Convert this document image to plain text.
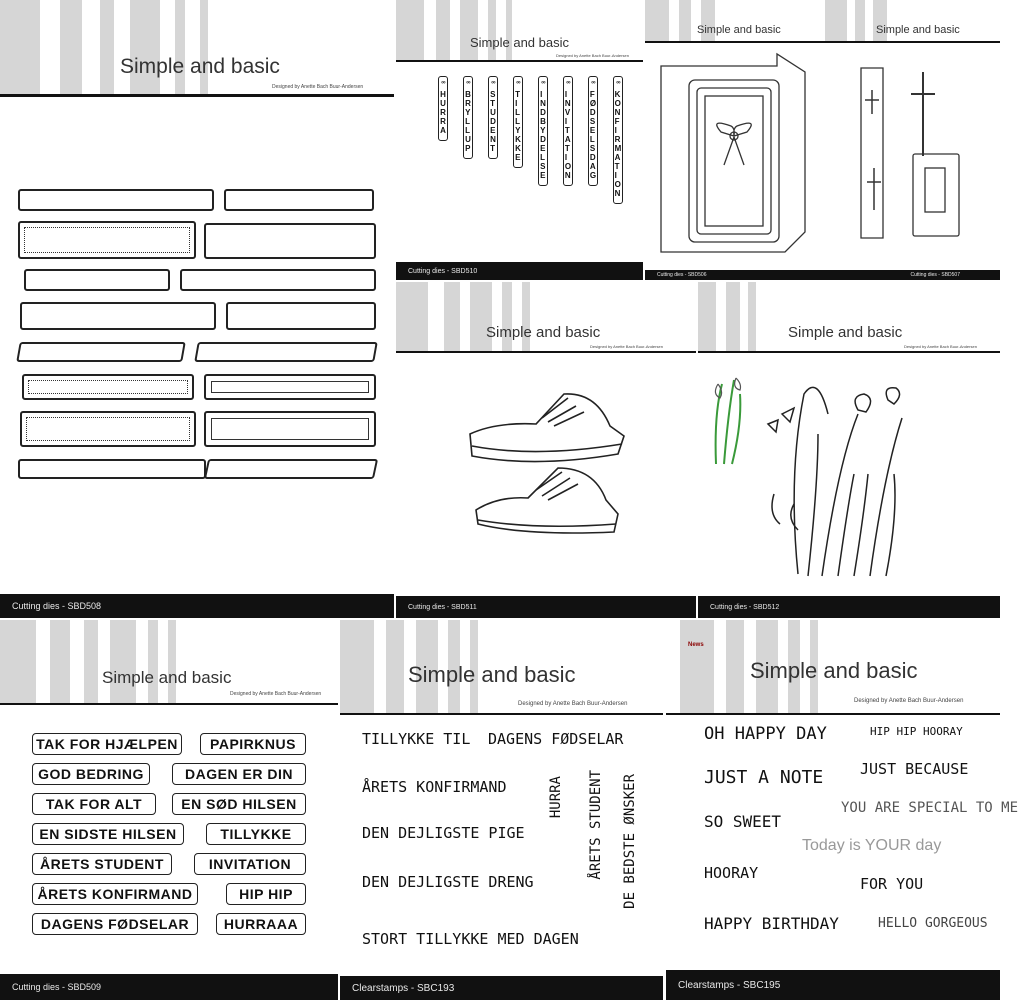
Simple and basic
Designed by Anette Bach Buur-Andersen
Cutting dies - SBD508
Simple and basic
Designed by Anette Bach Buur-Andersen
∞
H
U
R
R
A
∞
B
R
Y
L
L
U
P
∞
S
T
U
D
E
N
T
∞
T
I
L
L
Y
K
K
E
∞
I
N
D
B
Y
D
E
L
S
E
∞
I
N
V
I
T
A
T
I
O
N
∞
F
Ø
D
S
E
L
S
D
A
G
∞
K
O
N
F
I
R
M
A
T
I
O
N
Cutting dies - SBD510
Simple and basic	Simple and basic
Cutting dies - SBD506	Cutting dies - SBD507
Simple and basic
Designed by Anette Bach Buur-Andersen
Cutting dies - SBD511
Simple and basic
Designed by Anette Bach Buur-Andersen
Cutting dies - SBD512
Simple and basic
Designed by Anette Bach Buur-Andersen
TAK FOR HJÆLPEN
GOD BEDRING
TAK FOR ALT
EN SIDSTE HILSEN
ÅRETS STUDENT
ÅRETS KONFIRMAND
DAGENS FØDSELAR
PAPIRKNUS
DAGEN ER DIN
EN SØD HILSEN
TILLYKKE
INVITATION
HIP HIP
HURRAAA
Cutting dies - SBD509
Simple and basic
Designed by Anette Bach Buur-Andersen
TILLYKKE TIL DAGENS FØDSELAR
ÅRETS KONFIRMAND
DEN DEJLIGSTE PIGE
DEN DEJLIGSTE DRENG
STORT TILLYKKE MED DAGEN
HURRA ÅRETS STUDENT DE BEDSTE ØNSKER
Clearstamps - SBC193
News
Simple and basic
Designed by Anette Bach Buur-Andersen
OH HAPPY DAY	HIP HIP HOORAY
JUST A NOTE JUST BECAUSE
SO SWEET
YOU ARE SPECIAL TO ME
Today is YOUR day
HOORAY
FOR YOU
HAPPY BIRTHDAY	HELLO GORGEOUS
Clearstamps - SBC195
